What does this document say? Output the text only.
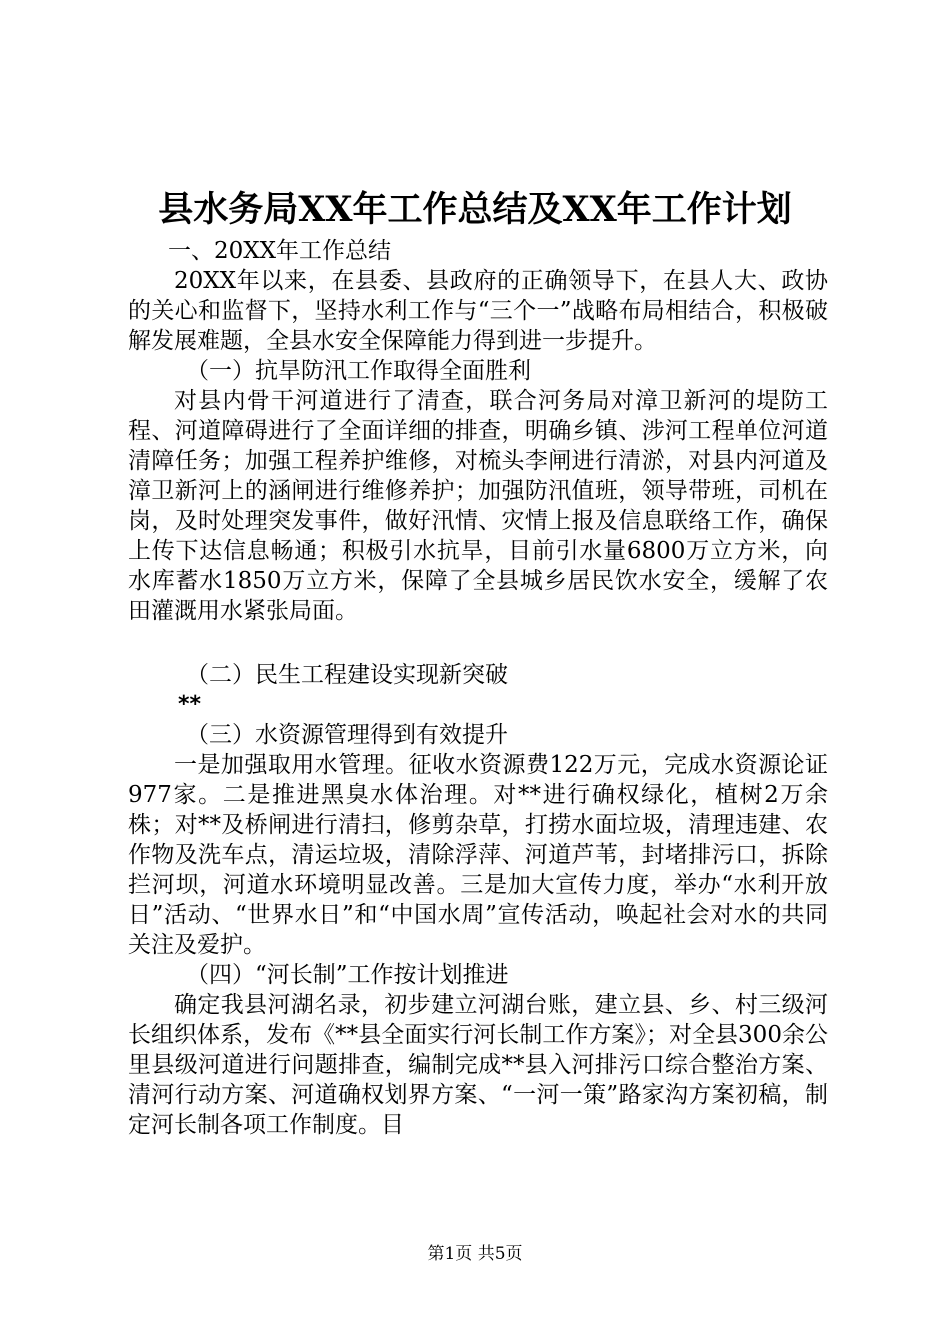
县水务局XX年工作总结及XX年工作计划

一、20XX年工作总结

20XX年以来，在县委、县政府的正确领导下，在县人大、政协的关心和监督下，坚持水利工作与“三个一”战略布局相结合，积极破解发展难题，全县水安全保障能力得到进一步提升。

（一）抗旱防汛工作取得全面胜利

对县内骨干河道进行了清查，联合河务局对漳卫新河的堤防工程、河道障碍进行了全面详细的排查，明确乡镇、涉河工程单位河道清障任务；加强工程养护维修，对梳头李闸进行清淤，对县内河道及漳卫新河上的涵闸进行维修养护；加强防汛值班，领导带班，司机在岗，及时处理突发事件，做好汛情、灾情上报及信息联络工作，确保上传下达信息畅通；积极引水抗旱，目前引水量6800万立方米，向水库蓄水1850万立方米，保障了全县城乡居民饮水安全，缓解了农田灌溉用水紧张局面。

（二）民生工程建设实现新突破

**

（三）水资源管理得到有效提升

一是加强取用水管理。征收水资源费122万元，完成水资源论证977家。二是推进黑臭水体治理。对**进行确权绿化，植树2万余株；对**及桥闸进行清扫，修剪杂草，打捞水面垃圾，清理违建、农作物及洗车点，清运垃圾，清除浮萍、河道芦苇，封堵排污口，拆除拦河坝，河道水环境明显改善。三是加大宣传力度，举办“水利开放日”活动、“世界水日”和“中国水周”宣传活动，唤起社会对水的共同关注及爱护。

（四）“河长制”工作按计划推进

确定我县河湖名录，初步建立河湖台账，建立县、乡、村三级河长组织体系，发布《**县全面实行河长制工作方案》；对全县300余公里县级河道进行问题排查，编制完成**县入河排污口综合整治方案、清河行动方案、河道确权划界方案、“一河一策”路家沟方案初稿，制定河长制各项工作制度。目

第1页 共5页
